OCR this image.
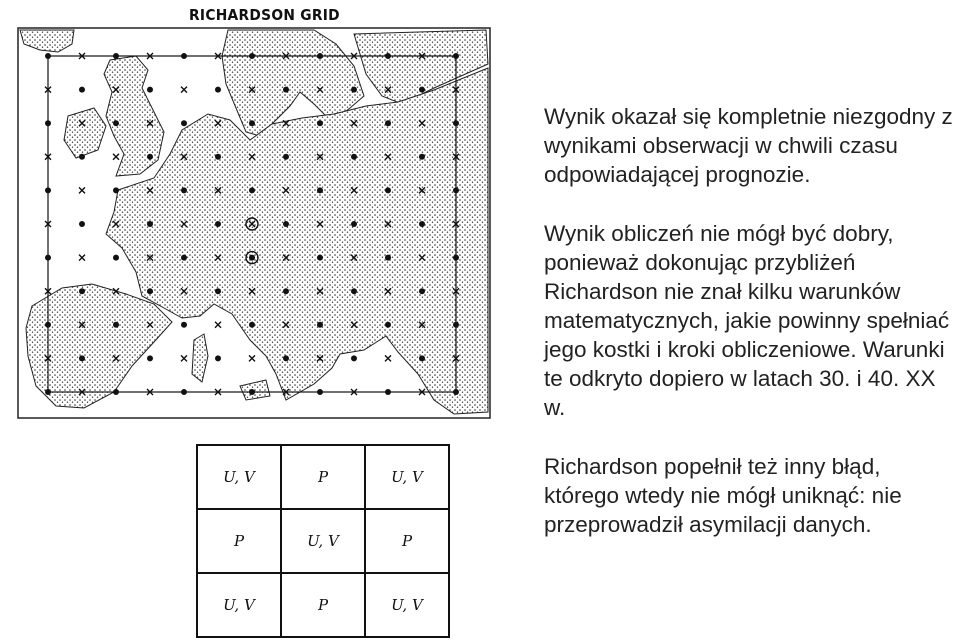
RICHARDSON GRID
U, V	P	U, V
P	U, V	P
U, V	P	U, V

Wynik okazał się kompletnie niezgodny z wynikami obserwacji w chwili czasu odpowiadającej prognozie.

Wynik obliczeń nie mógł być dobry, ponieważ dokonując przybliżeń Richardson nie znał kilku warunków matematycznych, jakie powinny spełniać jego kostki i kroki obliczeniowe. Warunki te odkryto dopiero w latach 30. i 40. XX w.

Richardson popełnił też inny błąd, którego wtedy nie mógł uniknąć: nie przeprowadził asymilacji danych.
